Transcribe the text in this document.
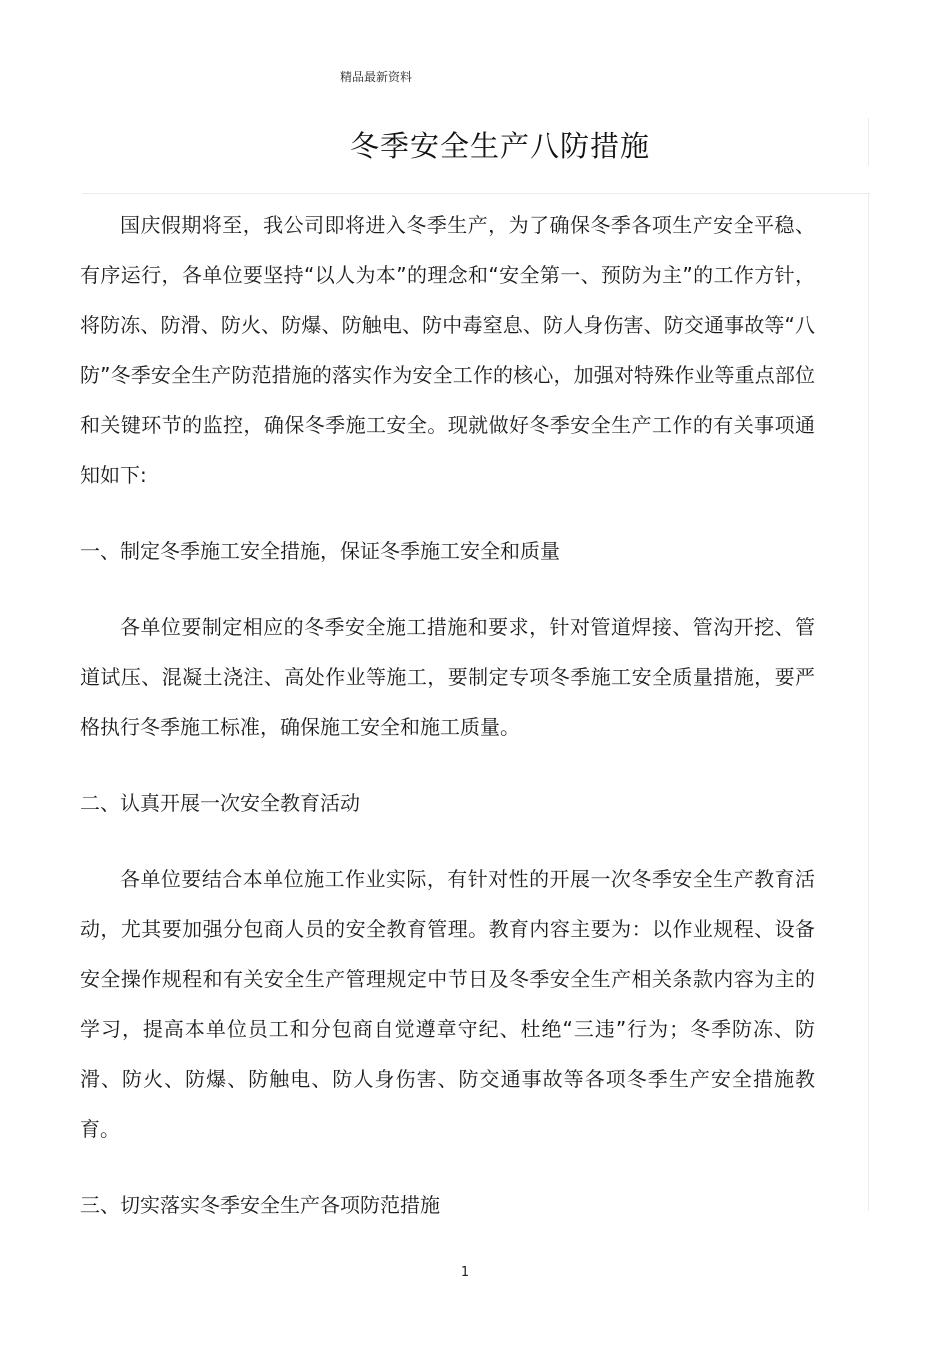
精品最新资料
冬季安全生产八防措施

国庆假期将至，我公司即将进入冬季生产，为了确保冬季各项生产安全平稳、有序运行，各单位要坚持“以人为本”的理念和“安全第一、预防为主”的工作方针，将防冻、防滑、防火、防爆、防触电、防中毒窒息、防人身伤害、防交通事故等“八防”冬季安全生产防范措施的落实作为安全工作的核心，加强对特殊作业等重点部位和关键环节的监控，确保冬季施工安全。现就做好冬季安全生产工作的有关事项通知如下:

一、制定冬季施工安全措施，保证冬季施工安全和质量

各单位要制定相应的冬季安全施工措施和要求，针对管道焊接、管沟开挖、管道试压、混凝土浇注、高处作业等施工，要制定专项冬季施工安全质量措施，要严格执行冬季施工标准，确保施工安全和施工质量。

二、认真开展一次安全教育活动

各单位要结合本单位施工作业实际，有针对性的开展一次冬季安全生产教育活动，尤其要加强分包商人员的安全教育管理。教育内容主要为：以作业规程、设备安全操作规程和有关安全生产管理规定中节日及冬季安全生产相关条款内容为主的学习，提高本单位员工和分包商自觉遵章守纪、杜绝“三违”行为；冬季防冻、防滑、防火、防爆、防触电、防人身伤害、防交通事故等各项冬季生产安全措施教育。

三、切实落实冬季安全生产各项防范措施
1
